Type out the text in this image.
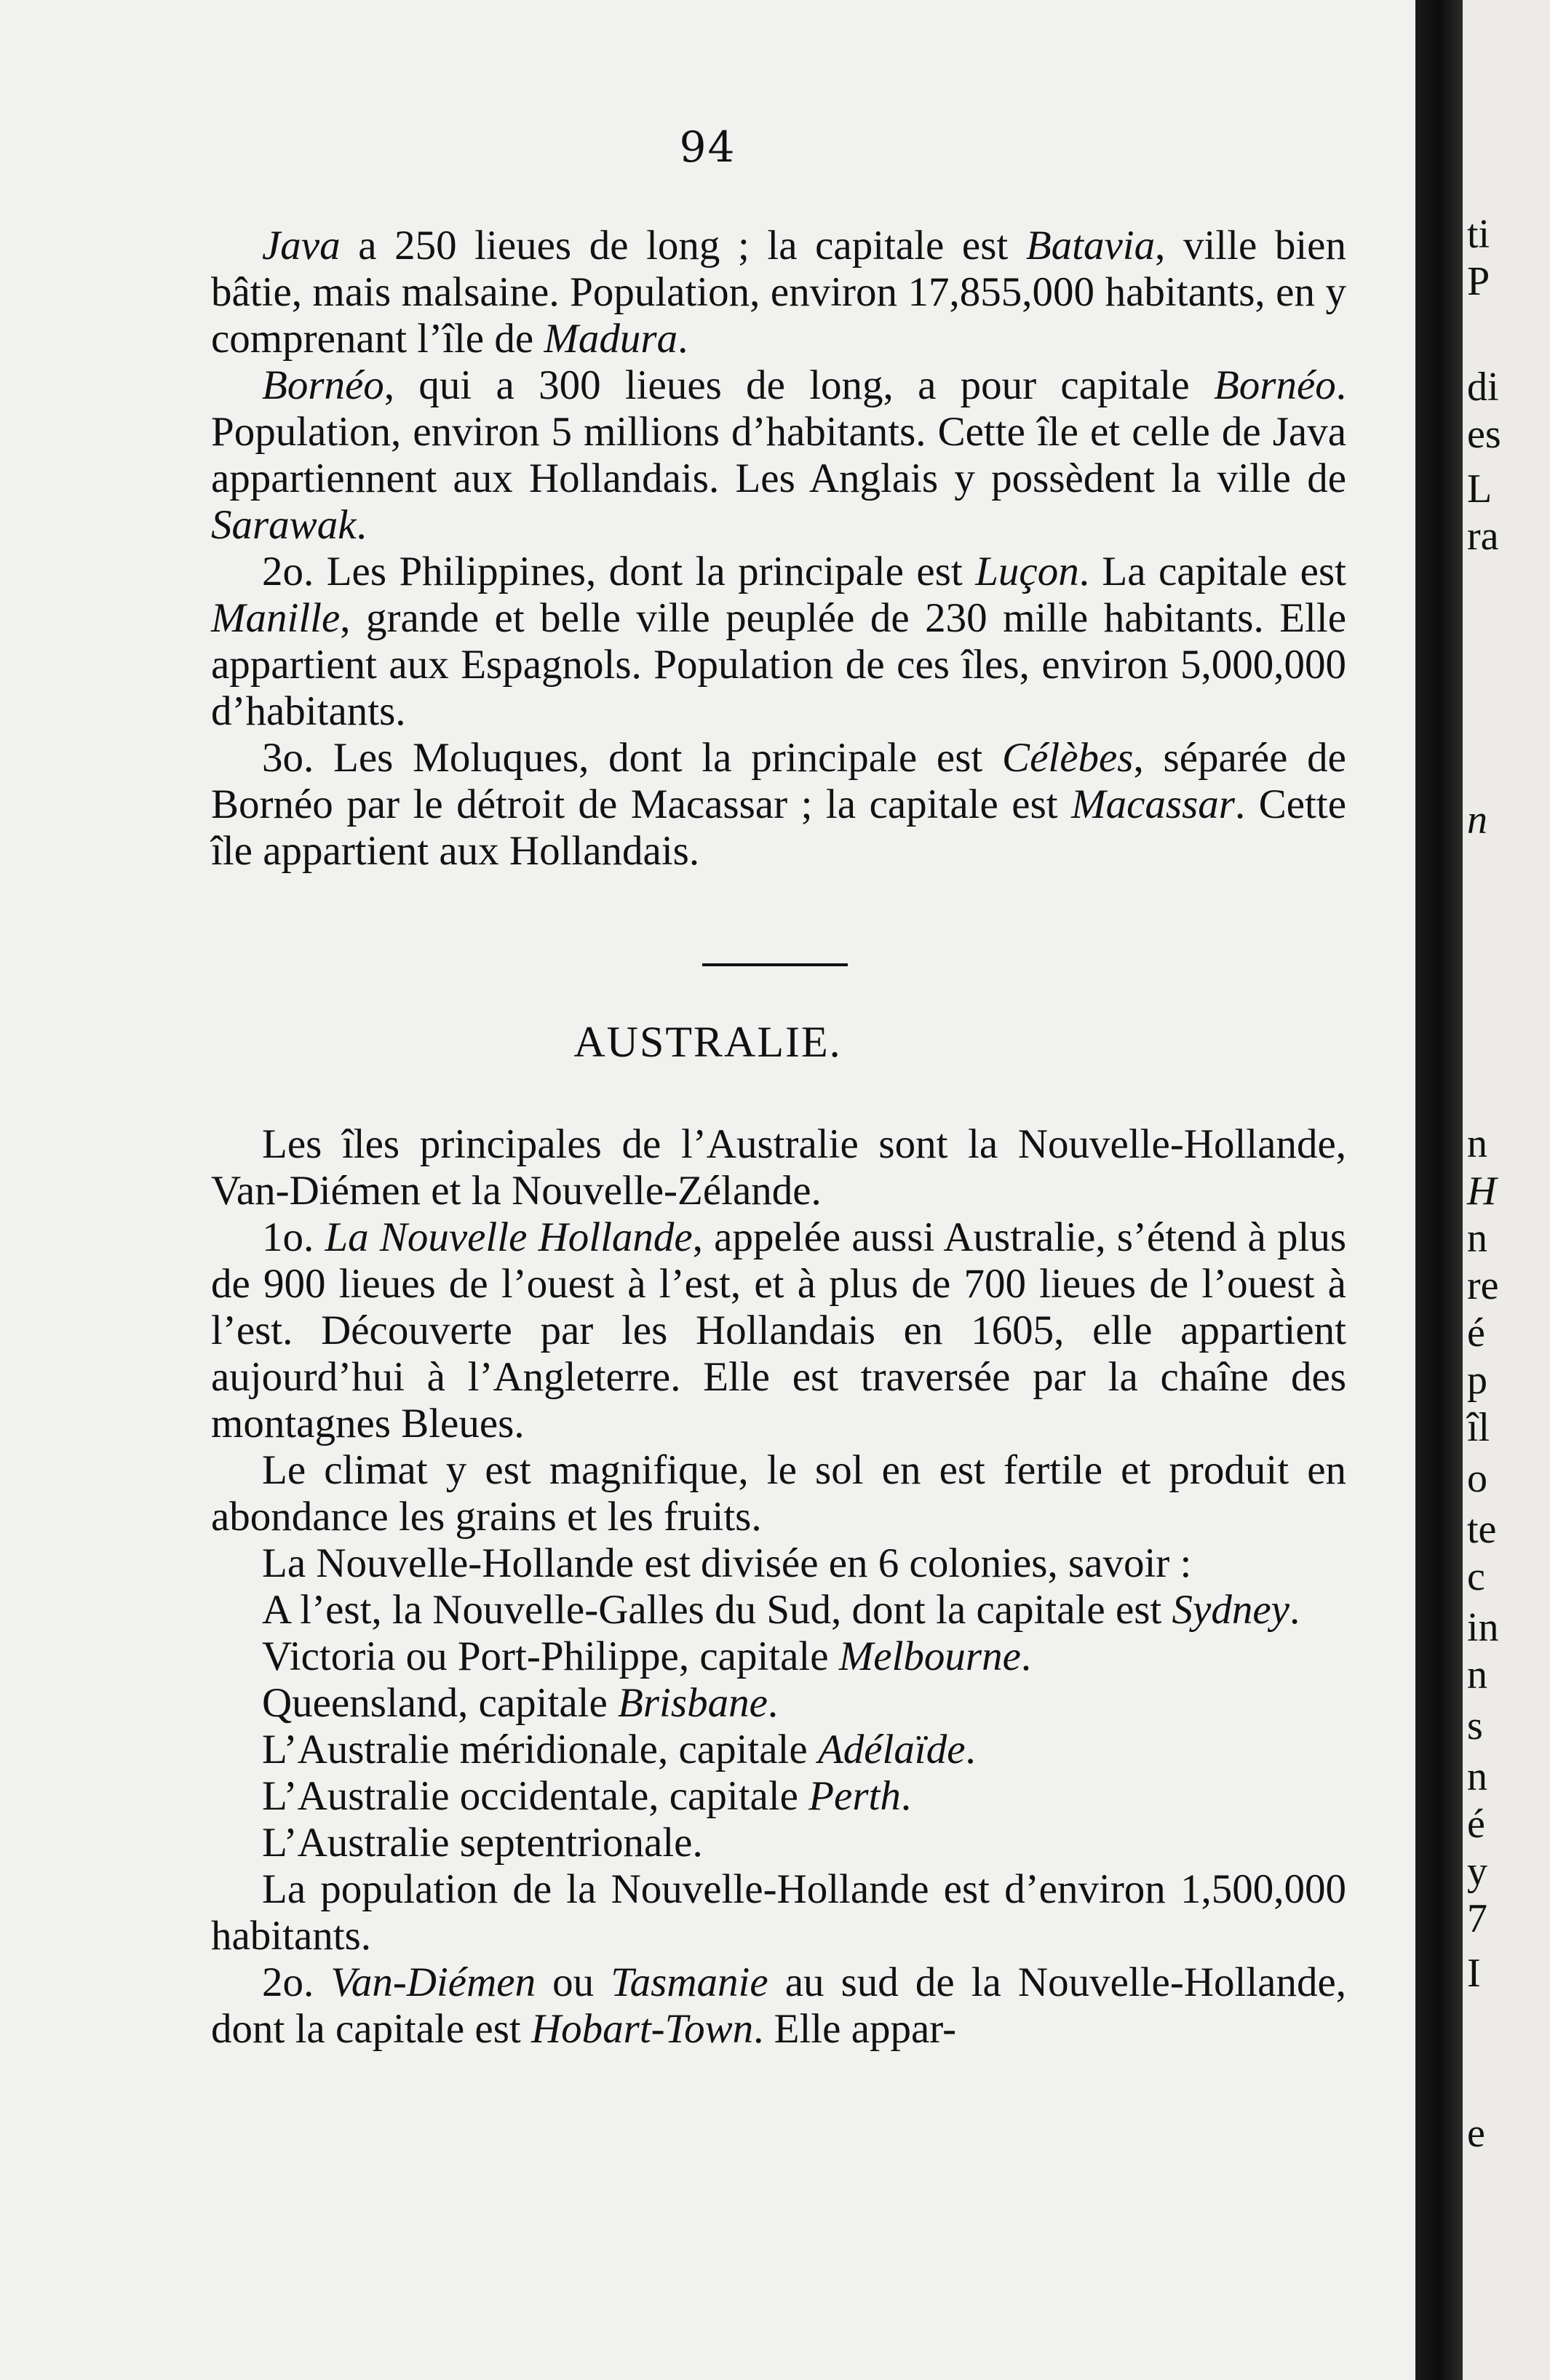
94

Java a 250 lieues de long ; la capitale est Batavia, ville bien bâtie, mais malsaine. Population, environ 17,855,000 habitants, en y comprenant l’île de Madura.

Bornéo, qui a 300 lieues de long, a pour capitale Bornéo. Population, environ 5 millions d’habitants. Cette île et celle de Java appartiennent aux Hollandais. Les Anglais y possèdent la ville de Sarawak.

2o. Les Philippines, dont la principale est Luçon. La capitale est Manille, grande et belle ville peuplée de 230 mille habitants. Elle appartient aux Espagnols. Population de ces îles, environ 5,000,000 d’habitants.

3o. Les Moluques, dont la principale est Célèbes, séparée de Bornéo par le détroit de Macassar ; la capitale est Macassar. Cette île appartient aux Hollandais.

AUSTRALIE.

Les îles principales de l’Australie sont la Nouvelle-Hollande, Van-Diémen et la Nouvelle-Zélande.

1o. La Nouvelle Hollande, appelée aussi Australie, s’étend à plus de 900 lieues de l’ouest à l’est, et à plus de 700 lieues de l’ouest à l’est. Découverte par les Hollandais en 1605, elle appartient aujourd’hui à l’Angleterre. Elle est traversée par la chaîne des montagnes Bleues.

Le climat y est magnifique, le sol en est fertile et produit en abondance les grains et les fruits.

La Nouvelle-Hollande est divisée en 6 colonies, savoir :

A l’est, la Nouvelle-Galles du Sud, dont la capitale est Sydney.

Victoria ou Port-Philippe, capitale Melbourne.

Queensland, capitale Brisbane.

L’Australie méridionale, capitale Adélaïde.

L’Australie occidentale, capitale Perth.

L’Australie septentrionale.

La population de la Nouvelle-Hollande est d’environ 1,500,000 habitants.

2o. Van-Diémen ou Tasmanie au sud de la Nouvelle-Hollande, dont la capitale est Hobart-Town. Elle appar-

ti
P
di
es
L
ra
n
n
H
n
re
é
p
îl
o
te
c
in
n
s
n
é
y
7
I
e
